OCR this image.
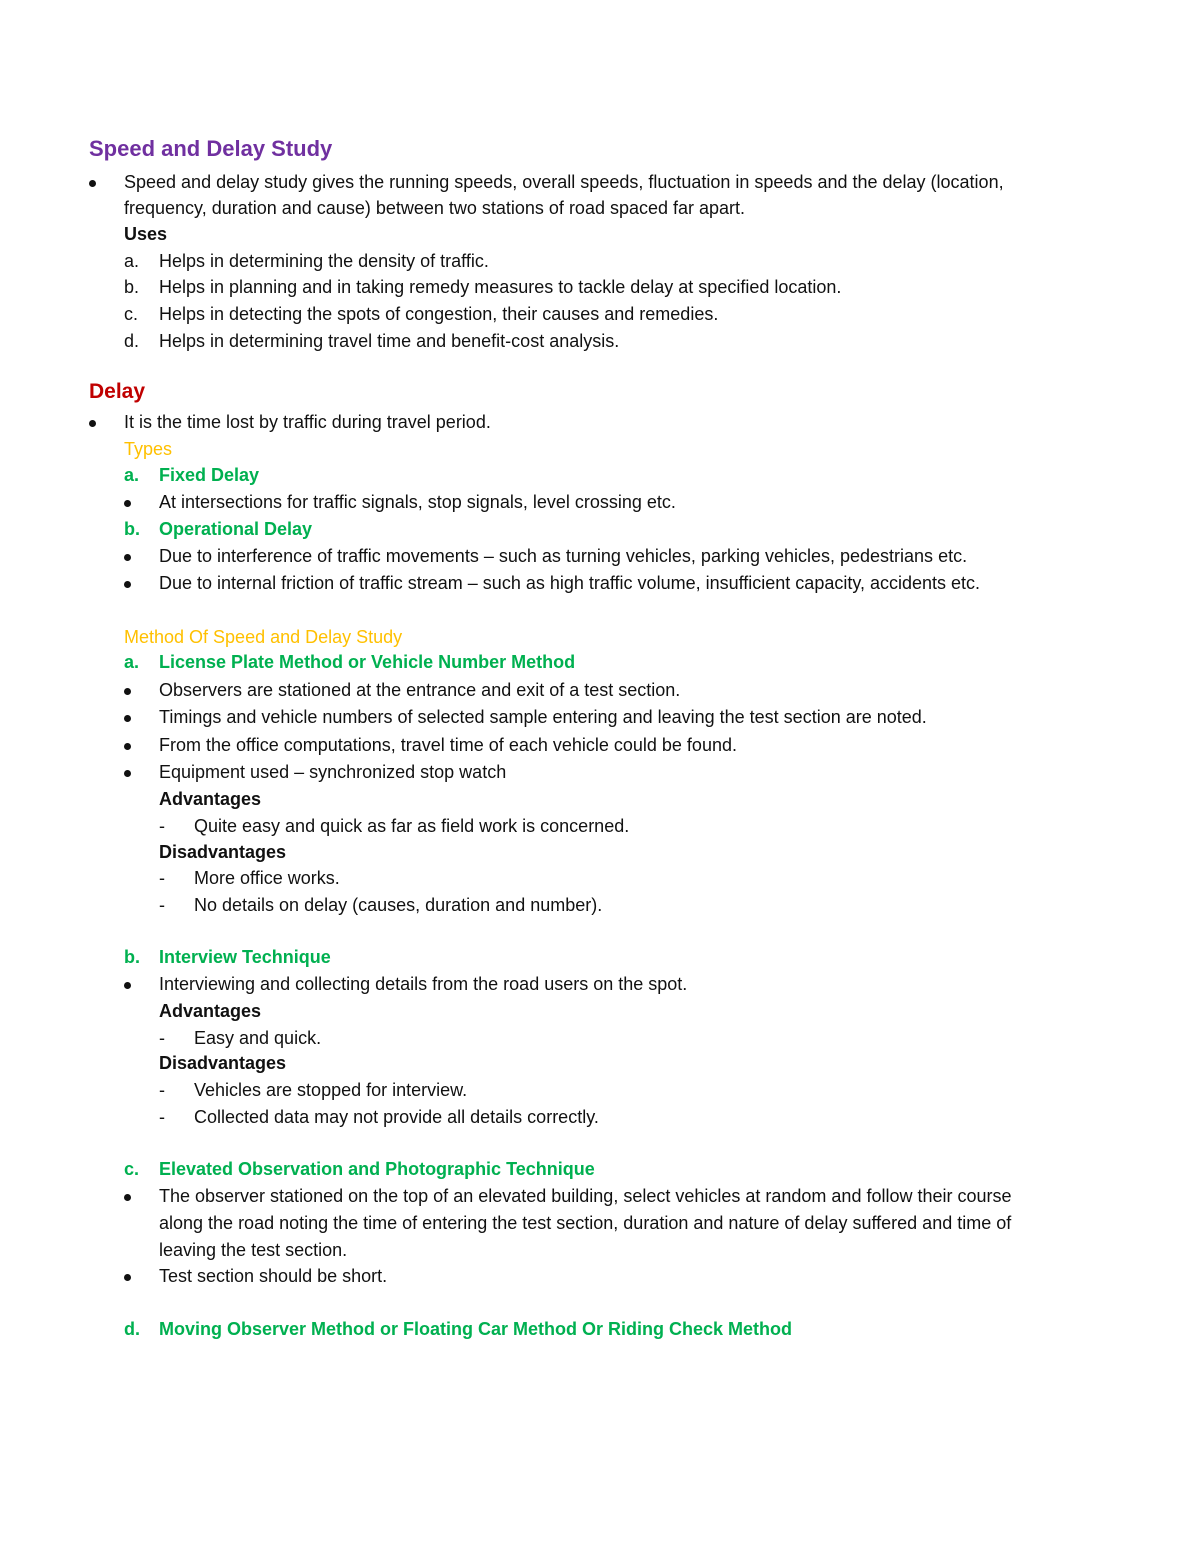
Speed and Delay Study
Speed and delay study gives the running speeds, overall speeds, fluctuation in speeds and the delay (location,
frequency, duration and cause) between two stations of road spaced far apart.
Uses
a. Helps in determining the density of traffic.
b. Helps in planning and in taking remedy measures to tackle delay at specified location.
c. Helps in detecting the spots of congestion, their causes and remedies.
d. Helps in determining travel time and benefit-cost analysis.
Delay
It is the time lost by traffic during travel period.
Types
a. Fixed Delay
At intersections for traffic signals, stop signals, level crossing etc.
b. Operational Delay
Due to interference of traffic movements – such as turning vehicles, parking vehicles, pedestrians etc.
Due to internal friction of traffic stream – such as high traffic volume, insufficient capacity, accidents etc.
Method Of Speed and Delay Study
a. License Plate Method or Vehicle Number Method
Observers are stationed at the entrance and exit of a test section.
Timings and vehicle numbers of selected sample entering and leaving the test section are noted.
From the office computations, travel time of each vehicle could be found.
Equipment used – synchronized stop watch
Advantages
- Quite easy and quick as far as field work is concerned.
Disadvantages
- More office works.
- No details on delay (causes, duration and number).
b. Interview Technique
Interviewing and collecting details from the road users on the spot.
Advantages
- Easy and quick.
Disadvantages
- Vehicles are stopped for interview.
- Collected data may not provide all details correctly.
c. Elevated Observation and Photographic Technique
The observer stationed on the top of an elevated building, select vehicles at random and follow their course
along the road noting the time of entering the test section, duration and nature of delay suffered and time of
leaving the test section.
Test section should be short.
d. Moving Observer Method or Floating Car Method Or Riding Check Method
